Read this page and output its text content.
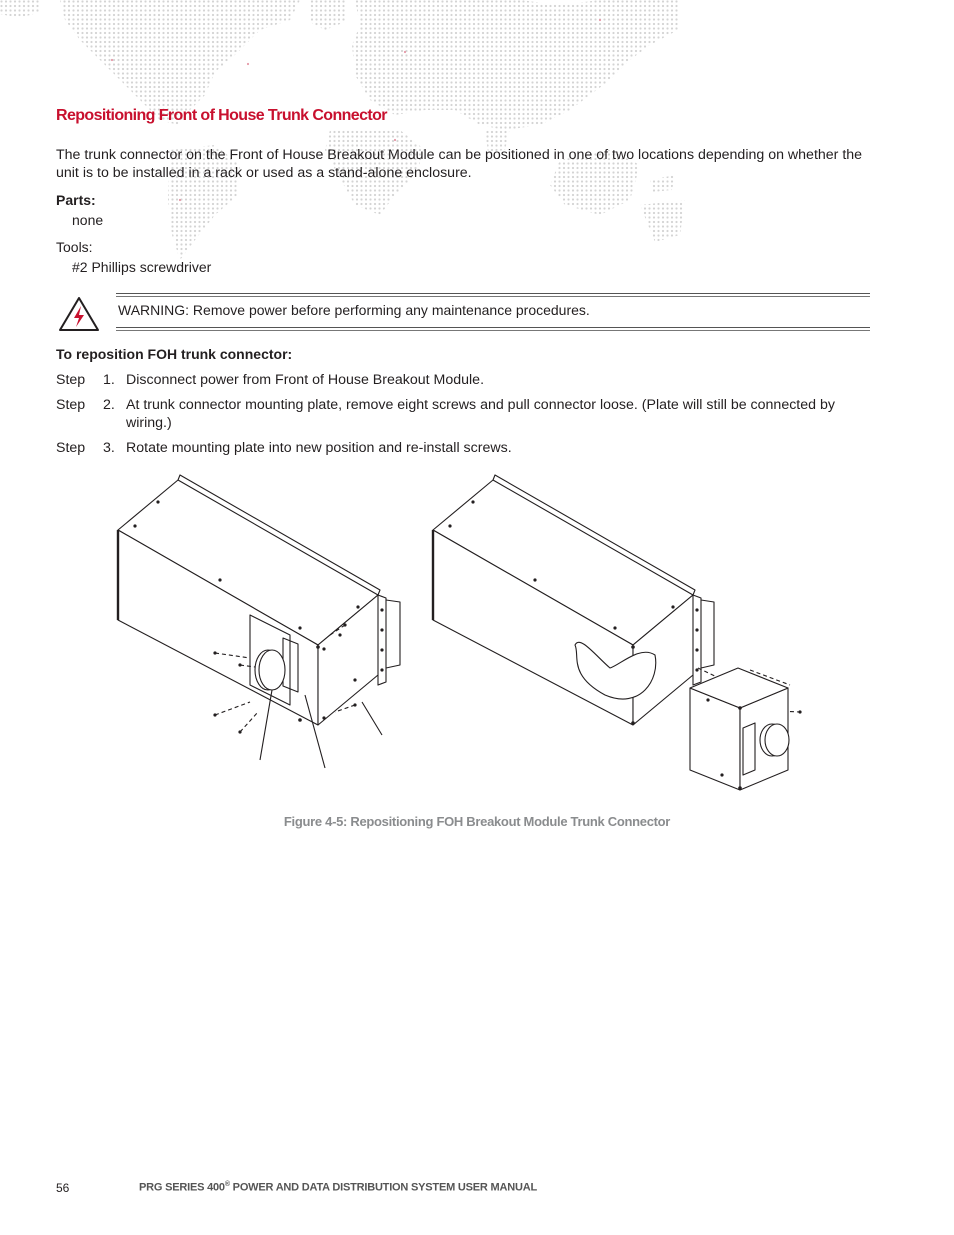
Repositioning Front of House Trunk Connector

The trunk connector on the Front of House Breakout Module can be positioned in one of two locations depending on whether the unit is to be installed in a rack or used as a stand-alone enclosure.

Parts:
none
Tools:
#2 Phillips screwdriver
WARNING: Remove power before performing any maintenance procedures.
To reposition FOH trunk connector:
Step 1. Disconnect power from Front of House Breakout Module.
Step 2. At trunk connector mounting plate, remove eight screws and pull connector loose. (Plate will still be connected by wiring.)
Step 3. Rotate mounting plate into new position and re-install screws.
Figure 4-5: Repositioning FOH Breakout Module Trunk Connector
56	PRG SERIES 400® POWER AND DATA DISTRIBUTION SYSTEM USER MANUAL
